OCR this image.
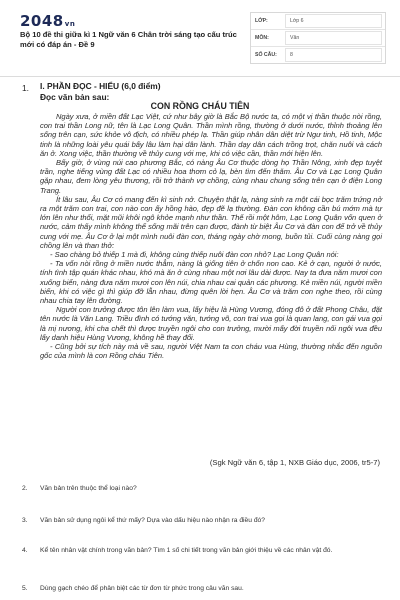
2048vn
Bộ 10 đề thi giữa kì 1 Ngữ văn 6 Chân trời sáng tạo cấu trúc mới có đáp án - Đề 9
LỚP:	Lớp 6
MÔN:	Văn
SỐ CÂU:	8
1. I. PHẦN ĐỌC - HIỂU (6,0 điểm)
Đọc văn bản sau:
CON RỒNG CHÁU TIÊN

Ngày xưa, ở miền đất Lạc Việt, cứ như bây giờ là Bắc Bộ nước ta, có một vị thần thuộc nòi rồng, con trai thần Long nữ, tên là Lạc Long Quân. Thần mình rồng, thường ở dưới nước, thỉnh thoảng lên sống trên cạn, sức khỏe vô địch, có nhiều phép lạ. Thần giúp nhân dân diệt trừ Ngư tinh, Hồ tinh, Mộc tinh là những loài yêu quái bấy lâu làm hại dân lành. Thần dạy dân cách trồng trọt, chăn nuôi và cách ăn ở. Xong việc, thần thường về thủy cung với mẹ, khi có việc cần, thần mới hiện lên.

Bấy giờ, ở vùng núi cao phương Bắc, có nàng Âu Cơ thuộc dòng họ Thần Nông, xinh đẹp tuyệt trần, nghe tiếng vùng đất Lạc có nhiều hoa thơm cỏ lạ, bèn tìm đến thăm. Âu Cơ và Lạc Long Quân gặp nhau, đem lòng yêu thương, rồi trở thành vợ chồng, cùng nhau chung sống trên cạn ở điện Long Trang.

Ít lâu sau, Âu Cơ có mang đến kì sinh nở. Chuyện thật lạ, nàng sinh ra một cái bọc trăm trứng nở ra một trăm con trai, con nào con ấy hồng hào, đẹp đẽ lạ thường. Đàn con không cần bú mớm mà tự lớn lên như thổi, mặt mũi khôi ngô khỏe mạnh như thần. Thế rồi một hôm, Lạc Long Quân vốn quen ở nước, cảm thấy mình không thể sống mãi trên cạn được, đành từ biệt Âu Cơ và đàn con để trở về thủy cung với mẹ. Âu Cơ ở lại một mình nuôi đàn con, tháng ngày chờ mong, buồn tủi. Cuối cùng nàng gọi chồng lên và than thở:

- Sao chàng bỏ thiếp 1 mà đi, không cùng thiếp nuôi đàn con nhỏ? Lạc Long Quân nói:

- Ta vốn nòi rồng ở miền nước thẳm, nàng là giống tiên ở chốn non cao. Kẻ ở cạn, người ở nước, tính tình tập quán khác nhau, khó mà ăn ở cùng nhau một nơi lâu dài được. Nay ta đưa năm mươi con xuống biển, nàng đưa năm mươi con lên núi, chia nhau cai quản các phương. Kẻ miền núi, người miền biển, khi có việc gì thì giúp đỡ lẫn nhau, đừng quên lời hẹn. Âu Cơ và trăm con nghe theo, rồi cùng nhau chia tay lên đường.

Người con trưởng được tôn lên làm vua, lấy hiệu là Hùng Vương, đóng đô ở đất Phong Châu, đặt tên nước là Văn Lang. Triều đình có tướng văn, tướng võ, con trai vua gọi là quan lang, con gái vua gọi là mị nương, khi cha chết thì được truyền ngôi cho con trưởng, mười mấy đời truyền nối ngôi vua đều lấy danh hiệu Hùng Vương, không hề thay đổi.

- Cũng bởi sự tích này mà về sau, người Việt Nam ta con cháu vua Hùng, thường nhắc đến nguồn gốc của mình là con Rồng cháu Tiên.

(Sgk Ngữ văn 6, tập 1, NXB Giáo dục, 2006, tr5-7)
2. Văn bản trên thuộc thể loại nào?
3. Văn bản sử dụng ngôi kể thứ mấy? Dựa vào dấu hiệu nào nhận ra điều đó?
4. Kể tên nhân vật chính trong văn bản? Tìm 1 số chi tiết trong văn bản giới thiệu về các nhân vật đó.
5. Dùng gạch chéo để phân biệt các từ đơn từ phức trong câu văn sau.
